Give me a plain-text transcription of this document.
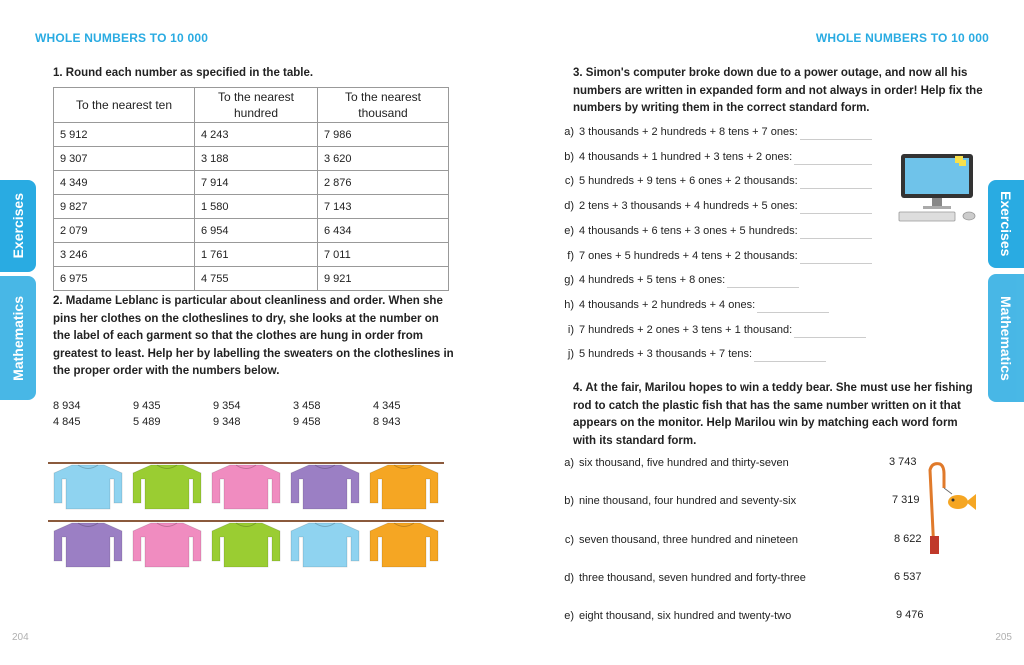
WHOLE NUMBERS TO 10 000
Exercises
Mathematics
1. Round each number as specified in the table.
To the nearest ten		To the nearest hundred		To the nearest thousand	
5 912		4 243		7 986	
9 307		3 188		3 620	
4 349		7 914		2 876	
9 827		1 580		7 143	
2 079		6 954		6 434	
3 246		1 761		7 011	
6 975		4 755		9 921	
2. Madame Leblanc is particular about cleanliness and order. When she pins her clothes on the clotheslines to dry, she looks at the number on the label of each garment so that the clothes are hung in order from greatest to least. Help her by labelling the sweaters on the clotheslines in the proper order with the numbers below.
8 934	9 435	9 354	3 458	4 345
4 845	5 489	9 348	9 458	8 943
204
WHOLE NUMBERS TO 10 000
Exercises
Mathematics
3. Simon's computer broke down due to a power outage, and now all his numbers are written in expanded form and not always in order! Help fix the numbers by writing them in the correct standard form.
a) 3 thousands + 2 hundreds + 8 tens + 7 ones:
b) 4 thousands + 1 hundred + 3 tens + 2 ones:
c) 5 hundreds + 9 tens + 6 ones + 2 thousands:
d) 2 tens + 3 thousands + 4 hundreds + 5 ones:
e) 4 thousands + 6 tens + 3 ones + 5 hundreds:
f) 7 ones + 5 hundreds + 4 tens + 2 thousands:
g) 4 hundreds + 5 tens + 8 ones:
h) 4 thousands + 2 hundreds + 4 ones:
i) 7 hundreds + 2 ones + 3 tens + 1 thousand:
j) 5 hundreds + 3 thousands + 7 tens:
4. At the fair, Marilou hopes to win a teddy bear. She must use her fishing rod to catch the plastic fish that has the same number written on it that appears on the monitor. Help Marilou win by matching each word form with its standard form.
a) six thousand, five hundred and thirty-seven	3 743
b) nine thousand, four hundred and seventy-six	7 319
c) seven thousand, three hundred and nineteen	8 622
d) three thousand, seven hundred and forty-three	6 537
e) eight thousand, six hundred and twenty-two	9 476
205
